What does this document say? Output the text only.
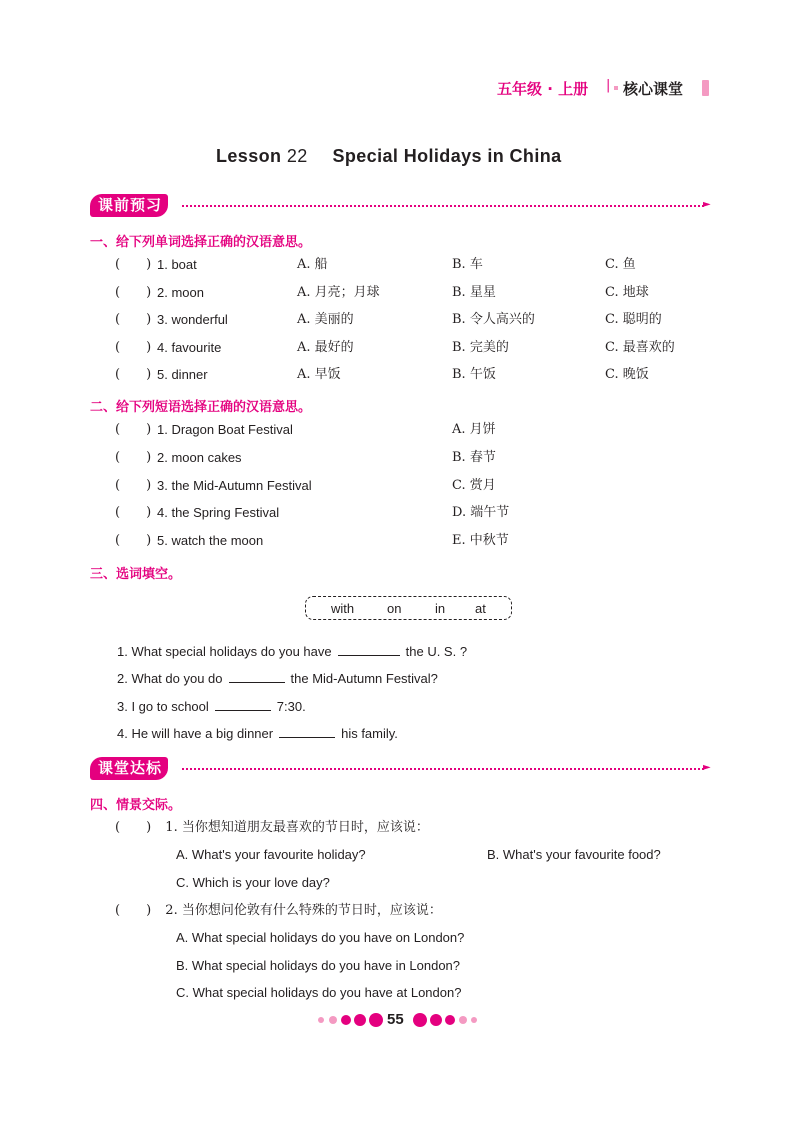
五年级 · 上册 | 核心课堂
Lesson 22 Special Holidays in China
课前预习	►
一、给下列单词选择正确的汉语意思。
(　　) 1. boat	A. 船	B. 车	C. 鱼
(　　) 2. moon	A. 月亮；月球	B. 星星	C. 地球
(　　) 3. wonderful	A. 美丽的	B. 令人高兴的	C. 聪明的
(　　) 4. favourite	A. 最好的	B. 完美的	C. 最喜欢的
(　　) 5. dinner	A. 早饭	B. 午饭	C. 晚饭
二、给下列短语选择正确的汉语意思。
(　　) 1. Dragon Boat Festival	A. 月饼
(　　) 2. moon cakes	B. 春节
(　　) 3. the Mid-Autumn Festival	C. 赏月
(　　) 4. the Spring Festival	D. 端午节
(　　) 5. watch the moon	E. 中秋节
三、选词填空。
with	on	in at
1. What special holidays do you have	the U. S. ?
2. What do you do	the Mid-Autumn Festival?
3. I go to school	7:30.
4. He will have a big dinner	his family.
课堂达标	►
四、情景交际。
(　　) 1. 当你想知道朋友最喜欢的节日时，应该说：
A. What's your favourite holiday?	B. What's your favourite food?
C. Which is your love day?
(　　) 2. 当你想问伦敦有什么特殊的节日时，应该说：
A. What special holidays do you have on London?
B. What special holidays do you have in London?
C. What special holidays do you have at London?
55
